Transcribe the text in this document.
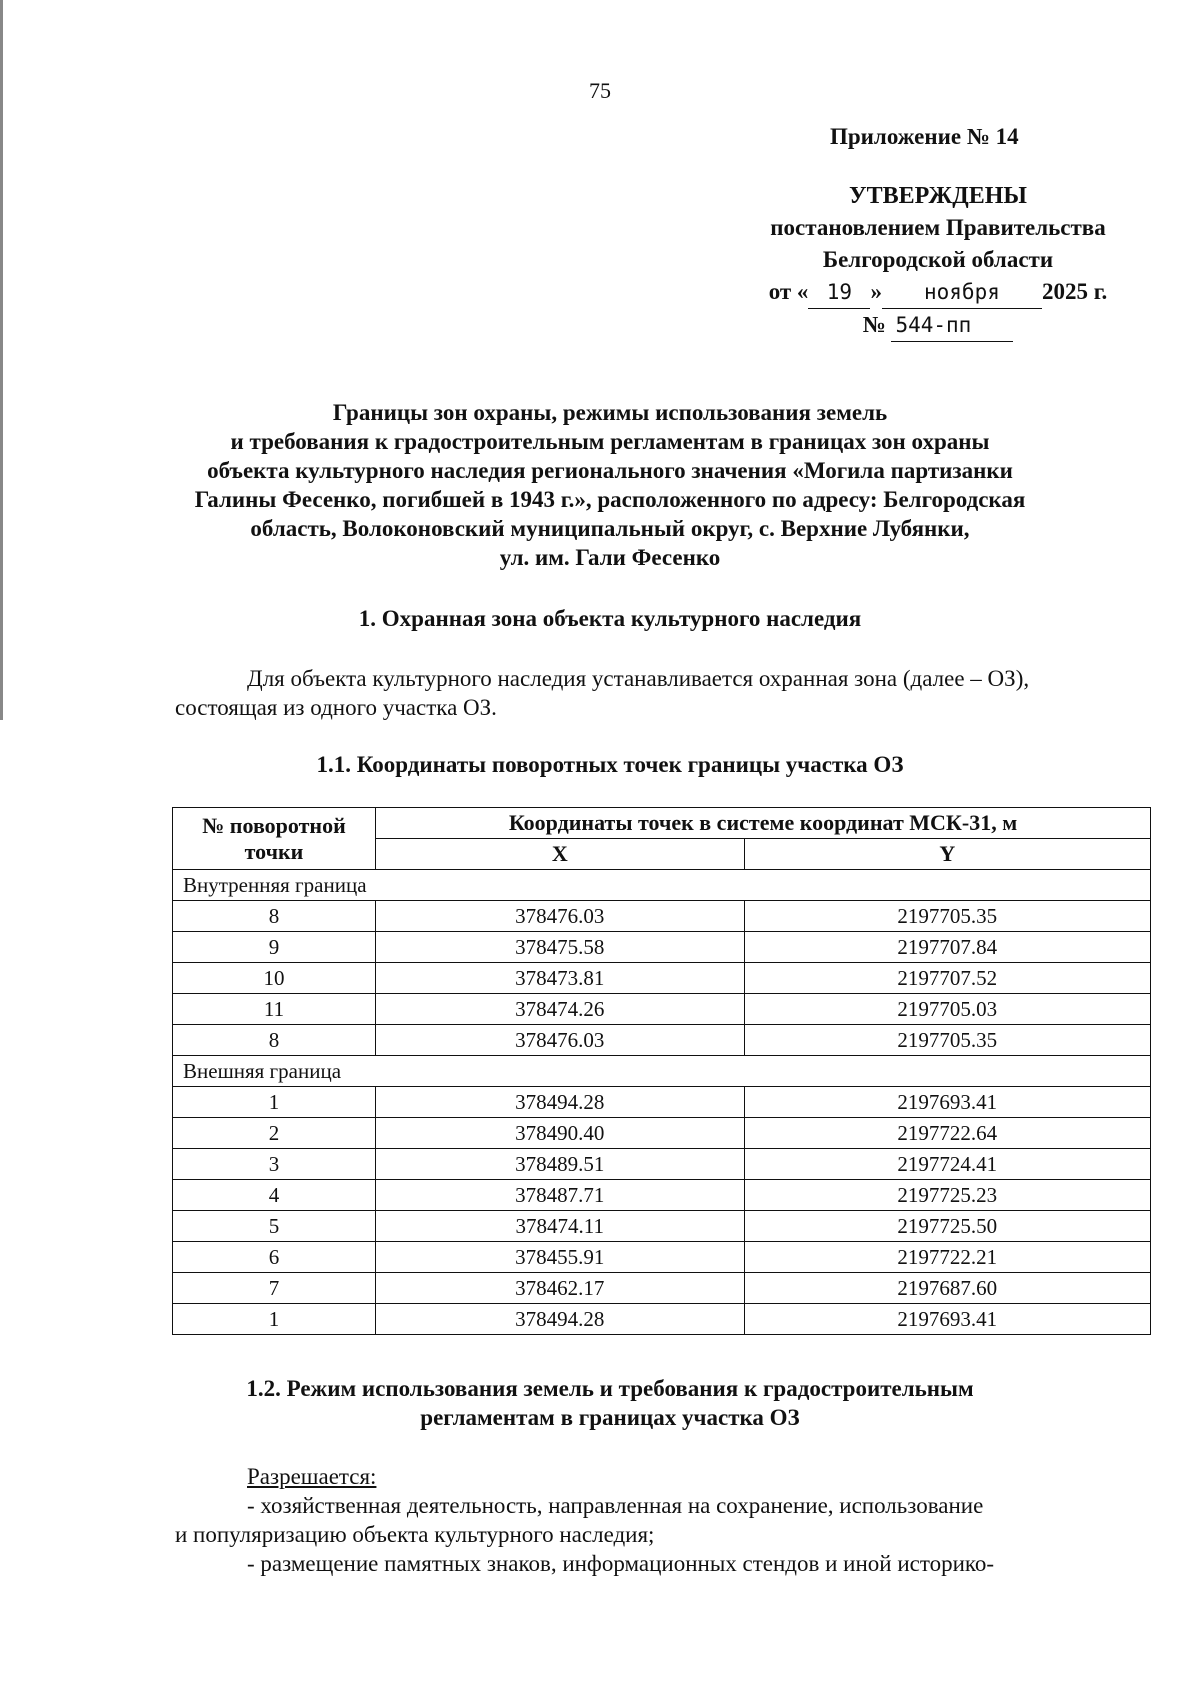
75
Приложение № 14
УТВЕРЖДЕНЫ
постановлением Правительства
Белгородской области
от « 19 » ноября 2025 г.
№ 544-пп
Границы зон охраны, режимы использования земель
и требования к градостроительным регламентам в границах зон охраны
объекта культурного наследия регионального значения «Могила партизанки
Галины Фесенко, погибшей в 1943 г.», расположенного по адресу: Белгородская
область, Волоконовский муниципальный округ, с. Верхние Лубянки,
ул. им. Гали Фесенко
1. Охранная зона объекта культурного наследия
Для объекта культурного наследия устанавливается охранная зона (далее – ОЗ),
состоящая из одного участка ОЗ.
1.1. Координаты поворотных точек границы участка ОЗ
№ поворотной точки	Координаты точек в системе координат МСК-31, м	
	X	Y
Внутренняя граница		
8	378476.03	2197705.35
9	378475.58	2197707.84
10	378473.81	2197707.52
11	378474.26	2197705.03
8	378476.03	2197705.35
Внешняя граница		
1	378494.28	2197693.41
2	378490.40	2197722.64
3	378489.51	2197724.41
4	378487.71	2197725.23
5	378474.11	2197725.50
6	378455.91	2197722.21
7	378462.17	2197687.60
1	378494.28	2197693.41
1.2. Режим использования земель и требования к градостроительным
регламентам в границах участка ОЗ
Разрешается:
- хозяйственная деятельность, направленная на сохранение, использование
и популяризацию объекта культурного наследия;
- размещение памятных знаков, информационных стендов и иной историко-
